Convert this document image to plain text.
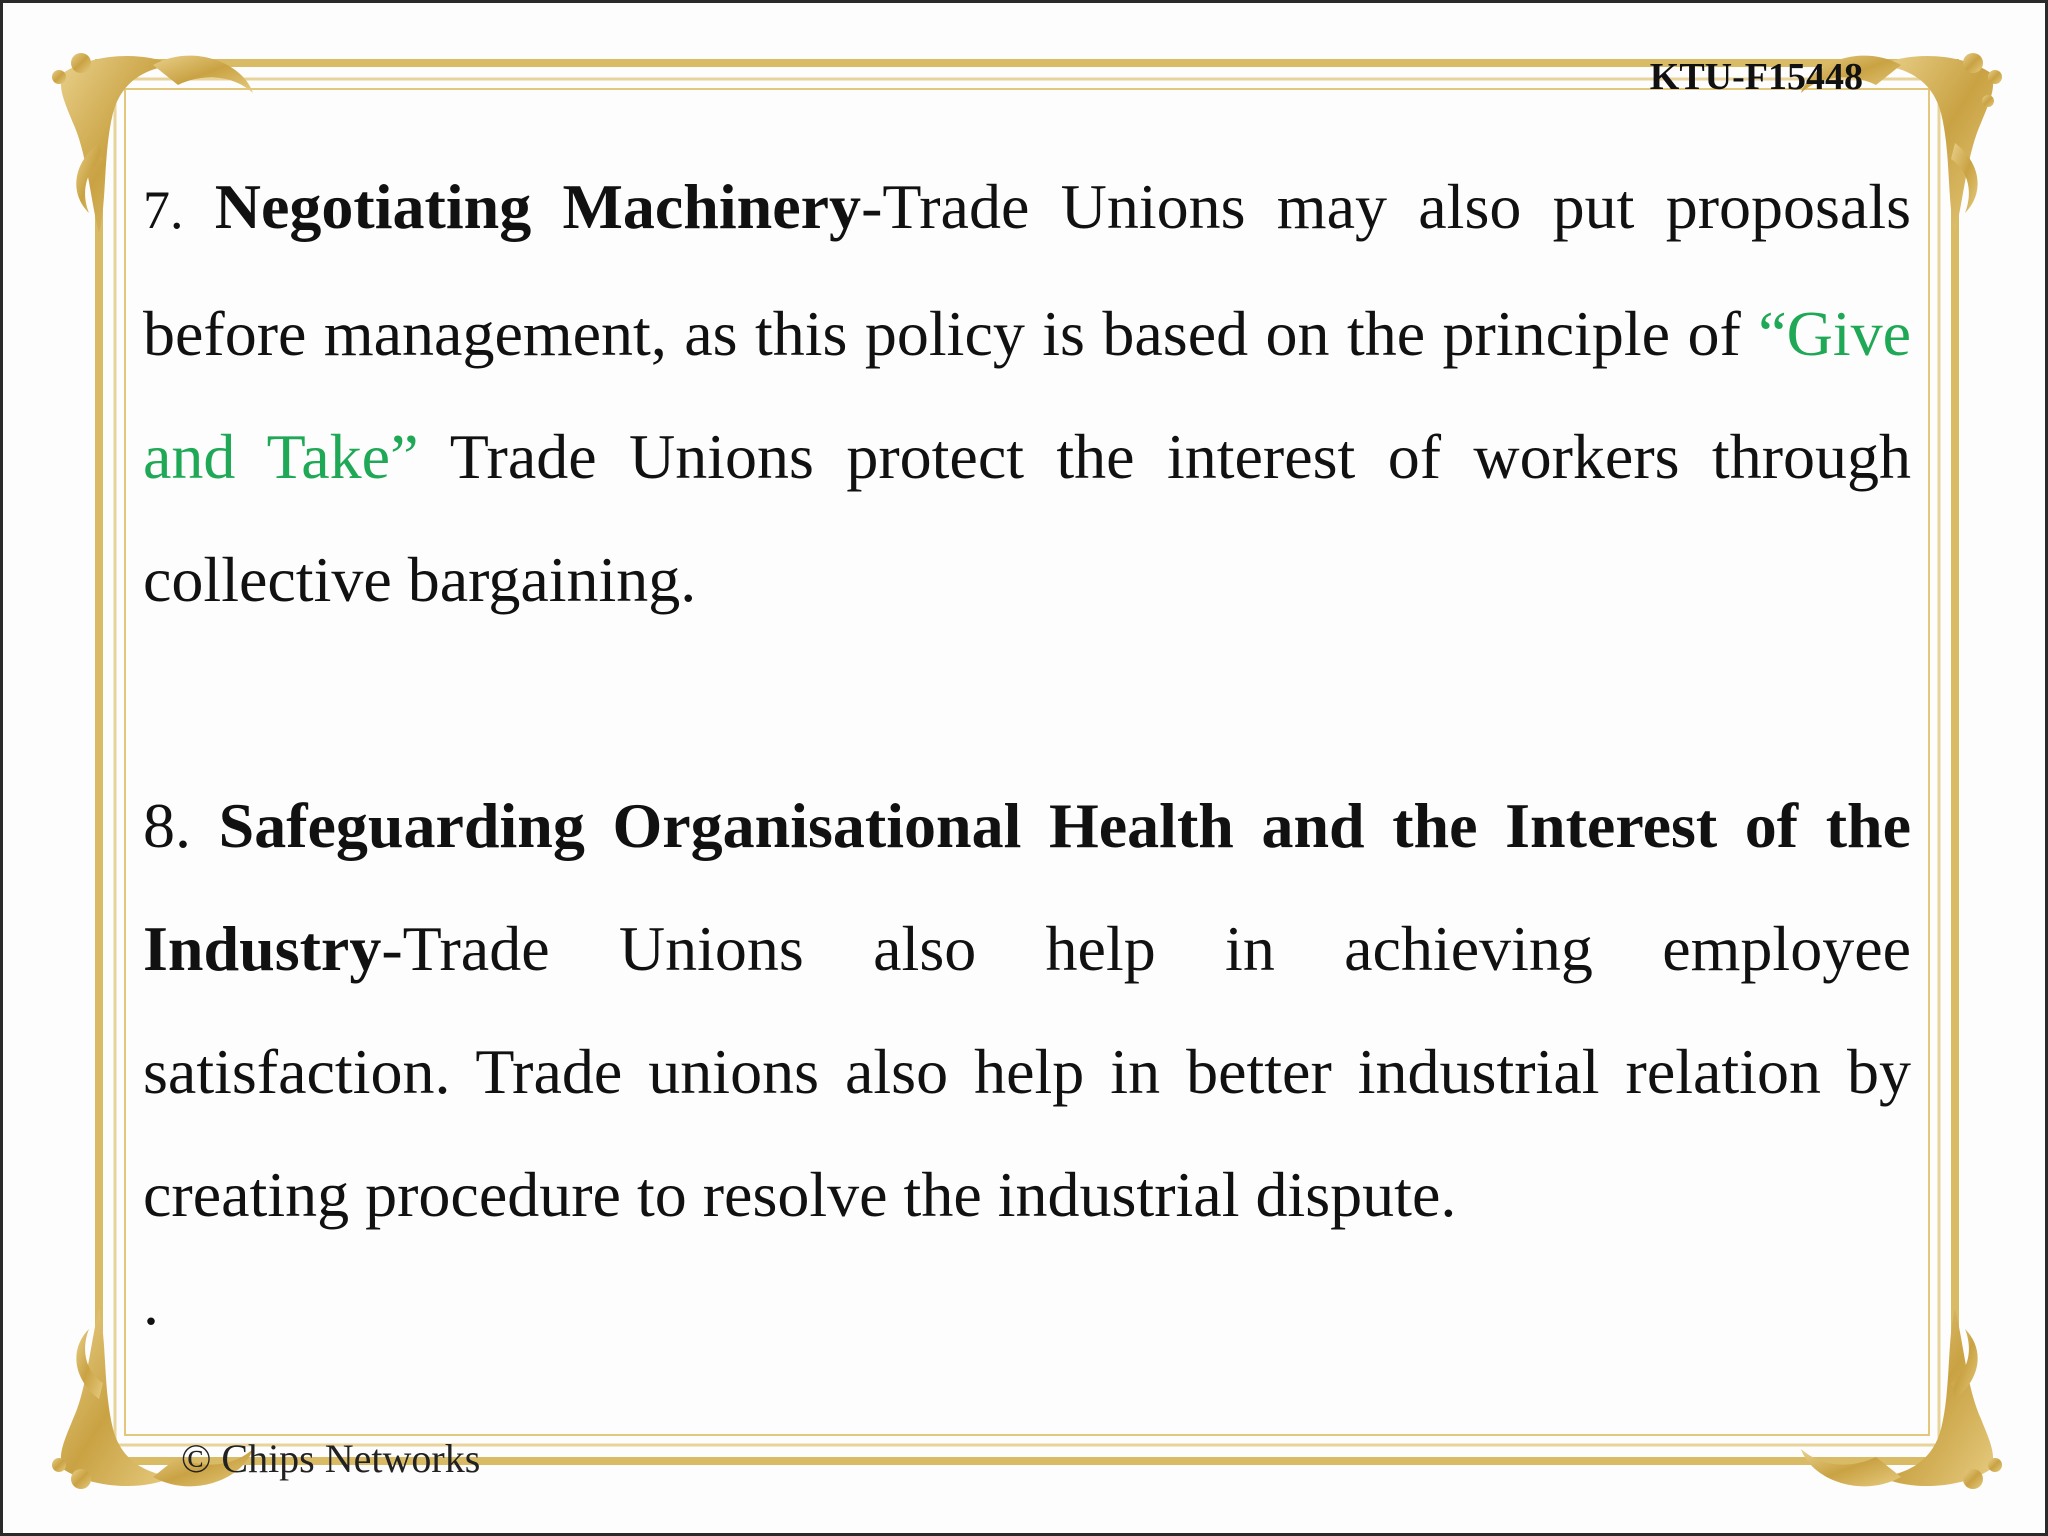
KTU-F15448

7. Negotiating Machinery-Trade Unions may also put proposals before management, as this policy is based on the principle of “Give and Take” Trade Unions protect the interest of workers through collective bargaining.

8. Safeguarding Organisational Health and the Interest of the Industry-Trade Unions also help in achieving employee satisfaction. Trade unions also help in better industrial relation by creating procedure to resolve the industrial dispute.

.
© Chips Networks
